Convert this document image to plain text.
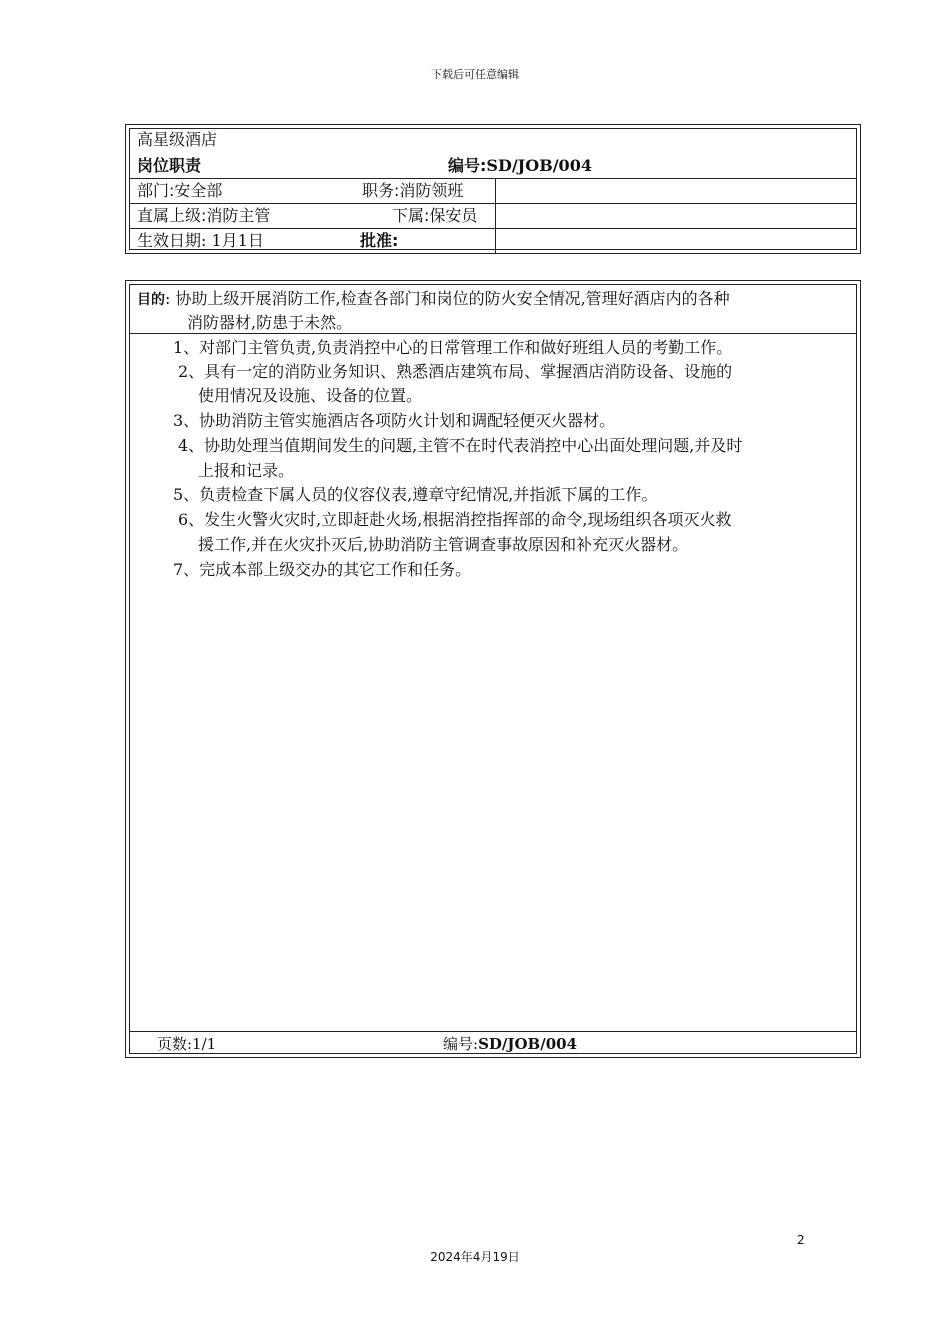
下载后可任意编辑
高星级酒店
岗位职责	编号:SD/JOB/004
部门:安全部	职务:消防领班
直属上级:消防主管	下属:保安员
生效日期: 1月1日	批准:
目的: 协助上级开展消防工作,检查各部门和岗位的防火安全情况,管理好酒店内的各种
消防器材,防患于未然。
1、对部门主管负责,负责消控中心的日常管理工作和做好班组人员的考勤工作。
2、具有一定的消防业务知识、熟悉酒店建筑布局、掌握酒店消防设备、设施的
使用情况及设施、设备的位置。
3、协助消防主管实施酒店各项防火计划和调配轻便灭火器材。
4、协助处理当值期间发生的问题,主管不在时代表消控中心出面处理问题,并及时
上报和记录。
5、负责检查下属人员的仪容仪表,遵章守纪情况,并指派下属的工作。
6、发生火警火灾时,立即赶赴火场,根据消控指挥部的命令,现场组织各项灭火救
援工作,并在火灾扑灭后,协助消防主管调查事故原因和补充灭火器材。
7、完成本部上级交办的其它工作和任务。
页数:1/1	编号:SD/JOB/004
2
2024年4月19日
